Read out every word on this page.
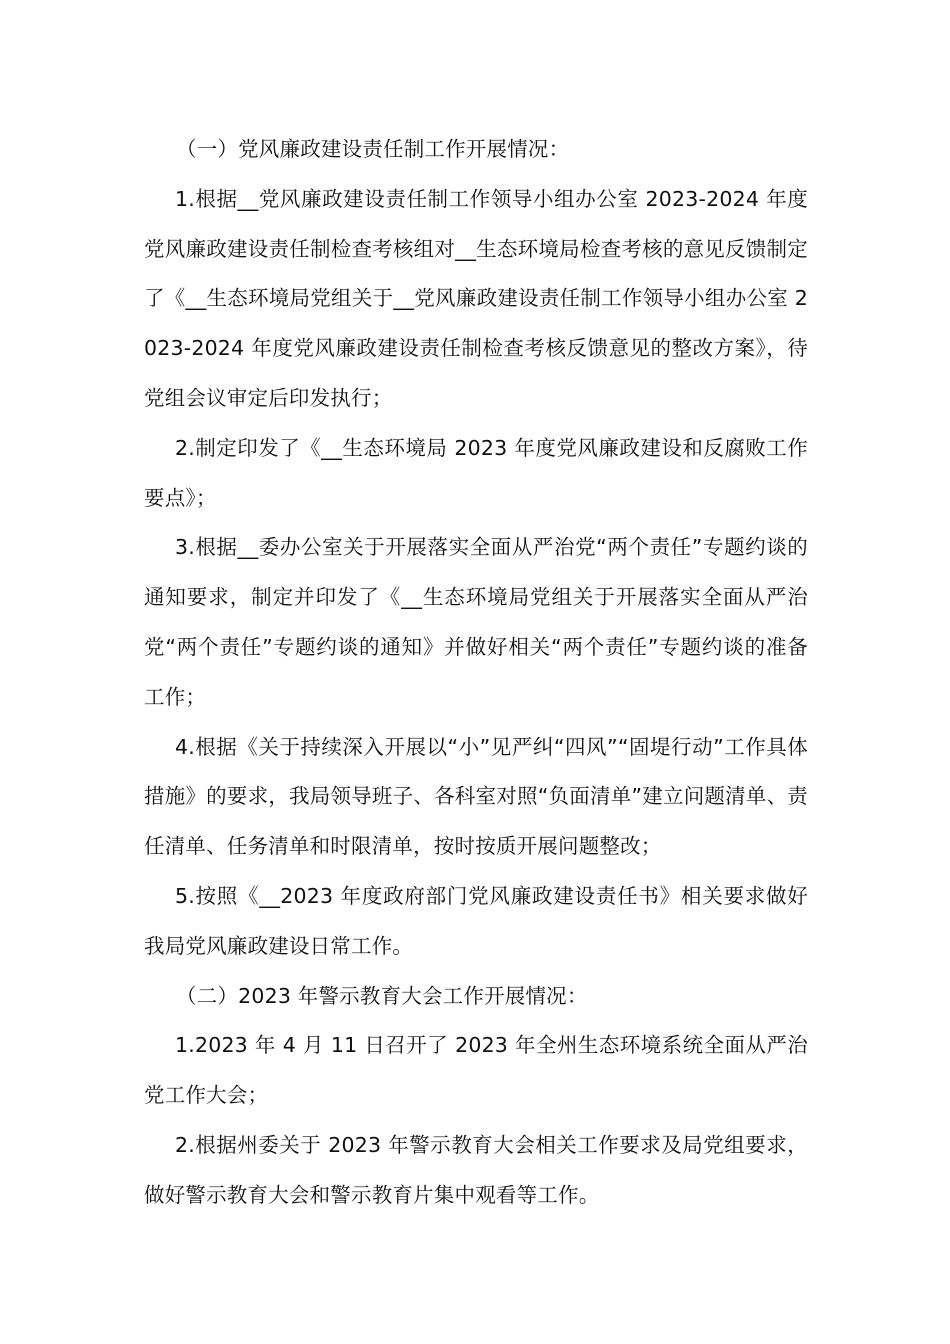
（一）党风廉政建设责任制工作开展情况：

1.根据__党风廉政建设责任制工作领导小组办公室 2023-2024 年度党风廉政建设责任制检查考核组对__生态环境局检查考核的意见反馈制定了《__生态环境局党组关于__党风廉政建设责任制工作领导小组办公室 2023-2024 年度党风廉政建设责任制检查考核反馈意见的整改方案》，待党组会议审定后印发执行；

2.制定印发了《__生态环境局 2023 年度党风廉政建设和反腐败工作要点》；

3.根据__委办公室关于开展落实全面从严治党“两个责任”专题约谈的通知要求，制定并印发了《__生态环境局党组关于开展落实全面从严治党“两个责任”专题约谈的通知》并做好相关“两个责任”专题约谈的准备工作；

4.根据《关于持续深入开展以“小”见严纠“四风”“固堤行动”工作具体措施》的要求，我局领导班子、各科室对照“负面清单”建立问题清单、责任清单、任务清单和时限清单，按时按质开展问题整改；

5.按照《__2023 年度政府部门党风廉政建设责任书》相关要求做好我局党风廉政建设日常工作。

（二）2023 年警示教育大会工作开展情况：

1.2023 年 4 月 11 日召开了 2023 年全州生态环境系统全面从严治党工作大会；

2.根据州委关于 2023 年警示教育大会相关工作要求及局党组要求，做好警示教育大会和警示教育片集中观看等工作。
